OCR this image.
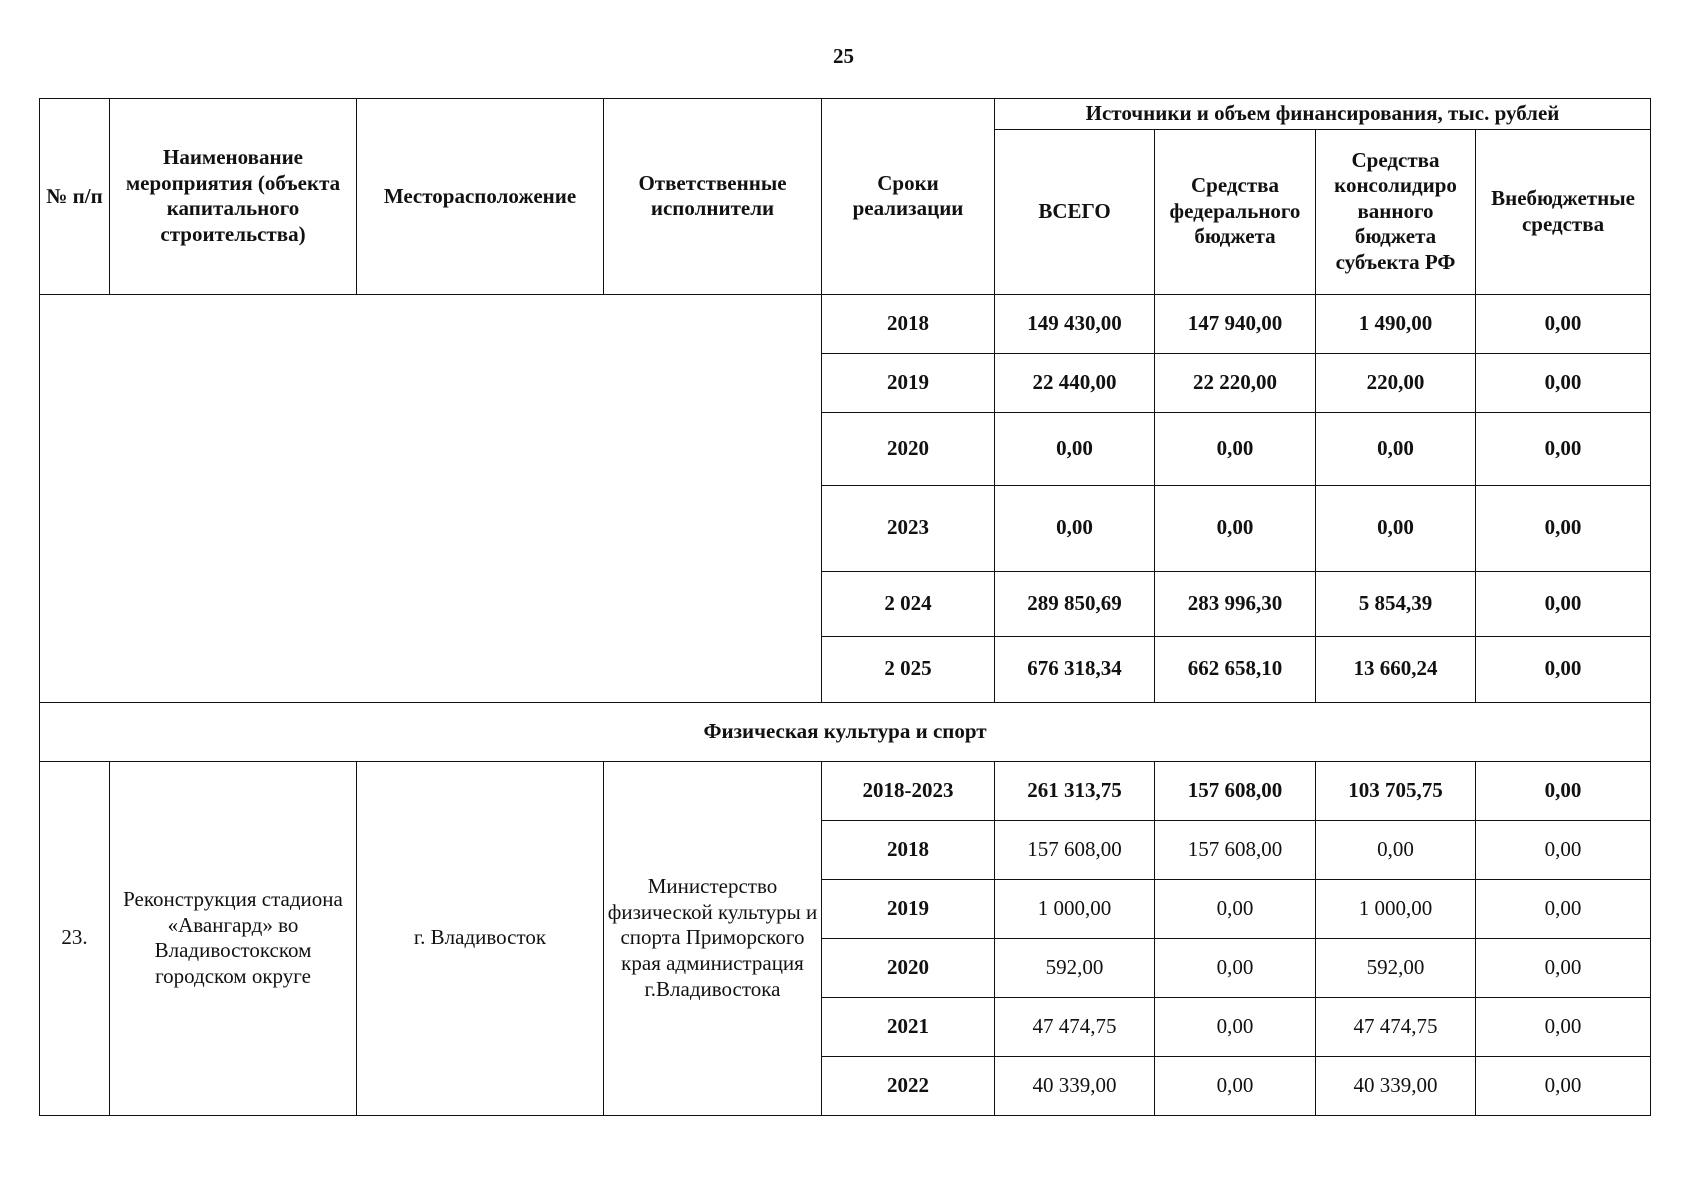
25
№ п/п	Наименование мероприятия (объекта капитального строительства)	Месторасположение	Ответственные исполнители	Сроки реализации	Источники и объем финансирования, тыс. рублей			
					ВСЕГО	Средства федерального бюджета	Средства консолидиро ванного бюджета субъекта РФ	Внебюджетные средства
				2018	149 430,00	147 940,00	1 490,00	0,00
				2019	22 440,00	22 220,00	220,00	0,00
				2020	0,00	0,00	0,00	0,00
				2023	0,00	0,00	0,00	0,00
				2 024	289 850,69	283 996,30	5 854,39	0,00
				2 025	676 318,34	662 658,10	13 660,24	0,00
Физическая культура и спорт								
23.	Реконструкция стадиона «Авангард» во Владивостокском городском округе	г. Владивосток	Министерство физической культуры и спорта Приморского края администрация г.Владивостока	2018-2023	261 313,75	157 608,00	103 705,75	0,00
				2018	157 608,00	157 608,00	0,00	0,00
				2019	1 000,00	0,00	1 000,00	0,00
				2020	592,00	0,00	592,00	0,00
				2021	47 474,75	0,00	47 474,75	0,00
				2022	40 339,00	0,00	40 339,00	0,00
